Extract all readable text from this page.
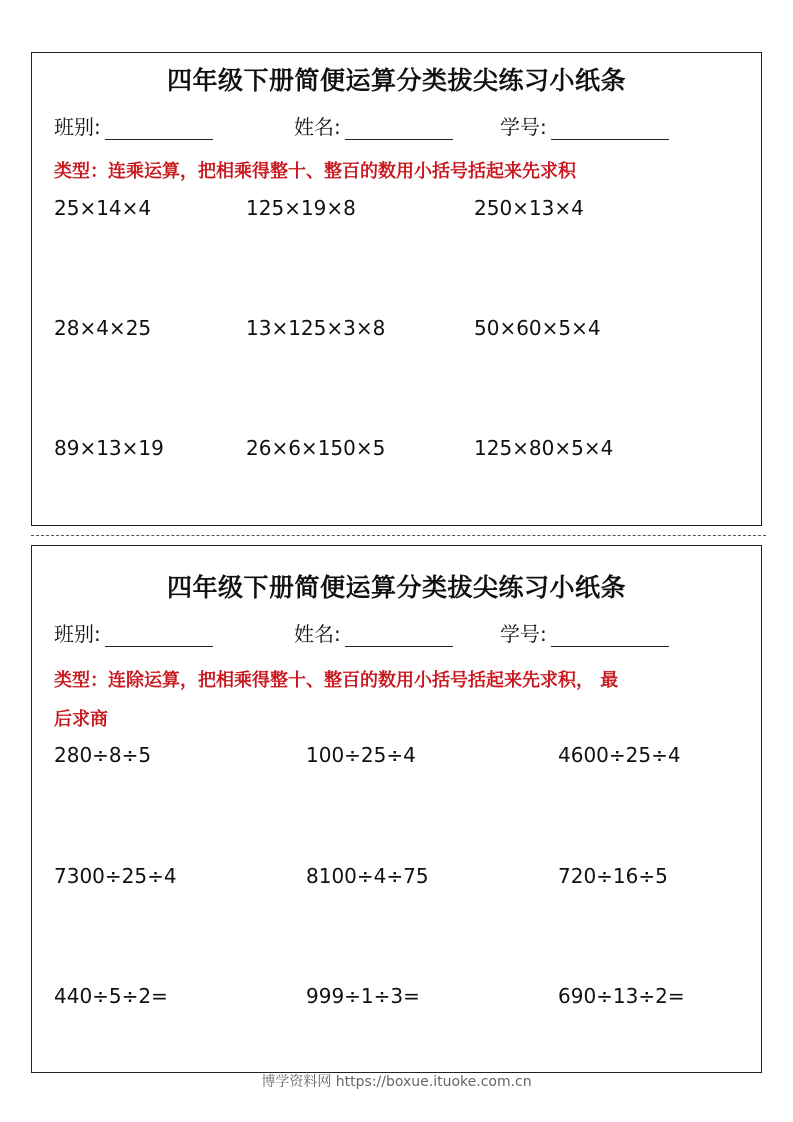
四年级下册简便运算分类拔尖练习小纸条
班别:	姓名:	学号:
类型：连乘运算，把相乘得整十、整百的数用小括号括起来先求积
25×14×4	125×19×8	250×13×4
28×4×25	13×125×3×8	50×60×5×4
89×13×19	26×6×150×5	125×80×5×4
四年级下册简便运算分类拔尖练习小纸条
班别:	姓名:	学号:
类型：连除运算，把相乘得整十、整百的数用小括号括起来先求积， 最
后求商
280÷8÷5	100÷25÷4	4600÷25÷4
7300÷25÷4	8100÷4÷75	720÷16÷5
440÷5÷2=	999÷1÷3=	690÷13÷2=
博学资料网 https://boxue.ituoke.com.cn
